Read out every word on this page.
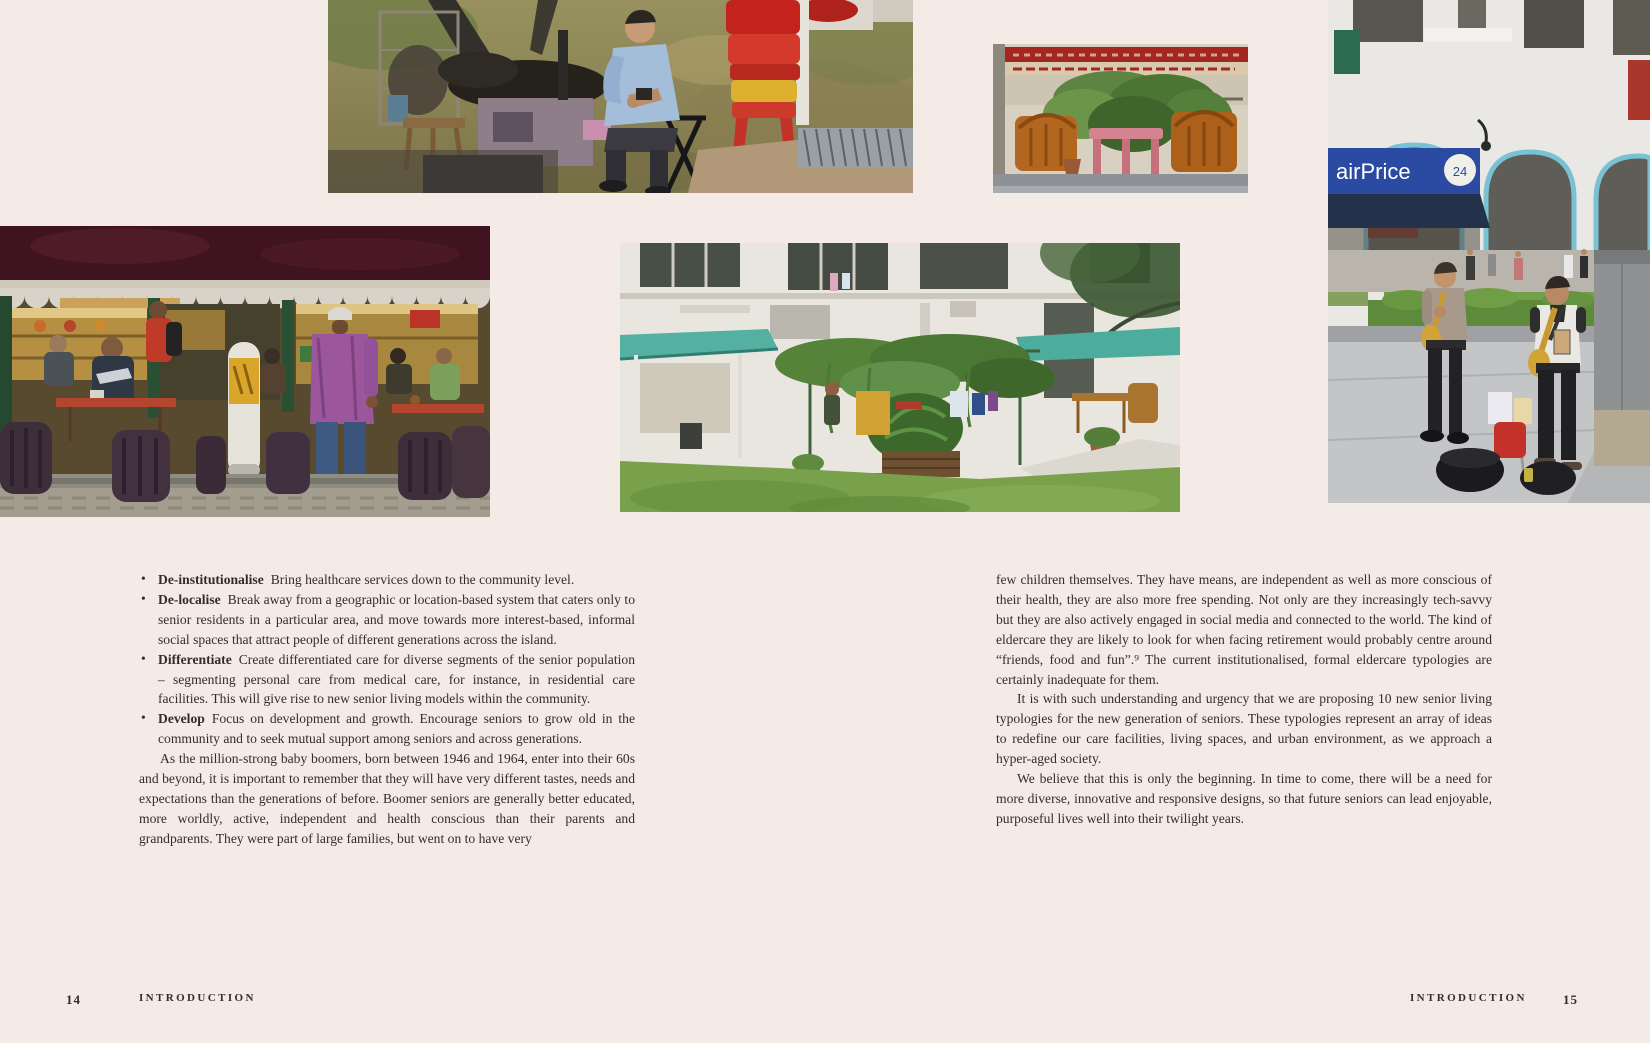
airPrice	24
• De-institutionalise Bring healthcare services down to the community level.
• De-localise Break away from a geographic or location-based system that caters only to senior residents in a particular area, and move towards more interest-based, informal social spaces that attract people of different generations across the island.
• Differentiate Create differentiated care for diverse segments of the senior population – segmenting personal care from medical care, for instance, in residential care facilities. This will give rise to new senior living models within the community.
• Develop Focus on development and growth. Encourage seniors to grow old in the community and to seek mutual support among seniors and across generations.

As the million-strong baby boomers, born between 1946 and 1964, enter into their 60s and beyond, it is important to remember that they will have very different tastes, needs and expectations than the generations of before. Boomer seniors are generally better educated, more worldly, active, independent and health conscious than their parents and grandparents. They were part of large families, but went on to have very

few children themselves. They have means, are independent as well as more conscious of their health, they are also more free spending. Not only are they increasingly tech-savvy but they are also actively engaged in social media and connected to the world. The kind of eldercare they are likely to look for when facing retirement would probably centre around “friends, food and fun”.⁹ The current institutionalised, formal eldercare typologies are certainly inadequate for them.

It is with such understanding and urgency that we are proposing 10 new senior living typologies for the new generation of seniors. These typologies represent an array of ideas to redefine our care facilities, living spaces, and urban environment, as we approach a hyper-aged society.

We believe that this is only the beginning. In time to come, there will be a need for more diverse, innovative and responsive designs, so that future seniors can lead enjoyable, purposeful lives well into their twilight years.

14	INTRODUCTION	INTRODUCTION	15
